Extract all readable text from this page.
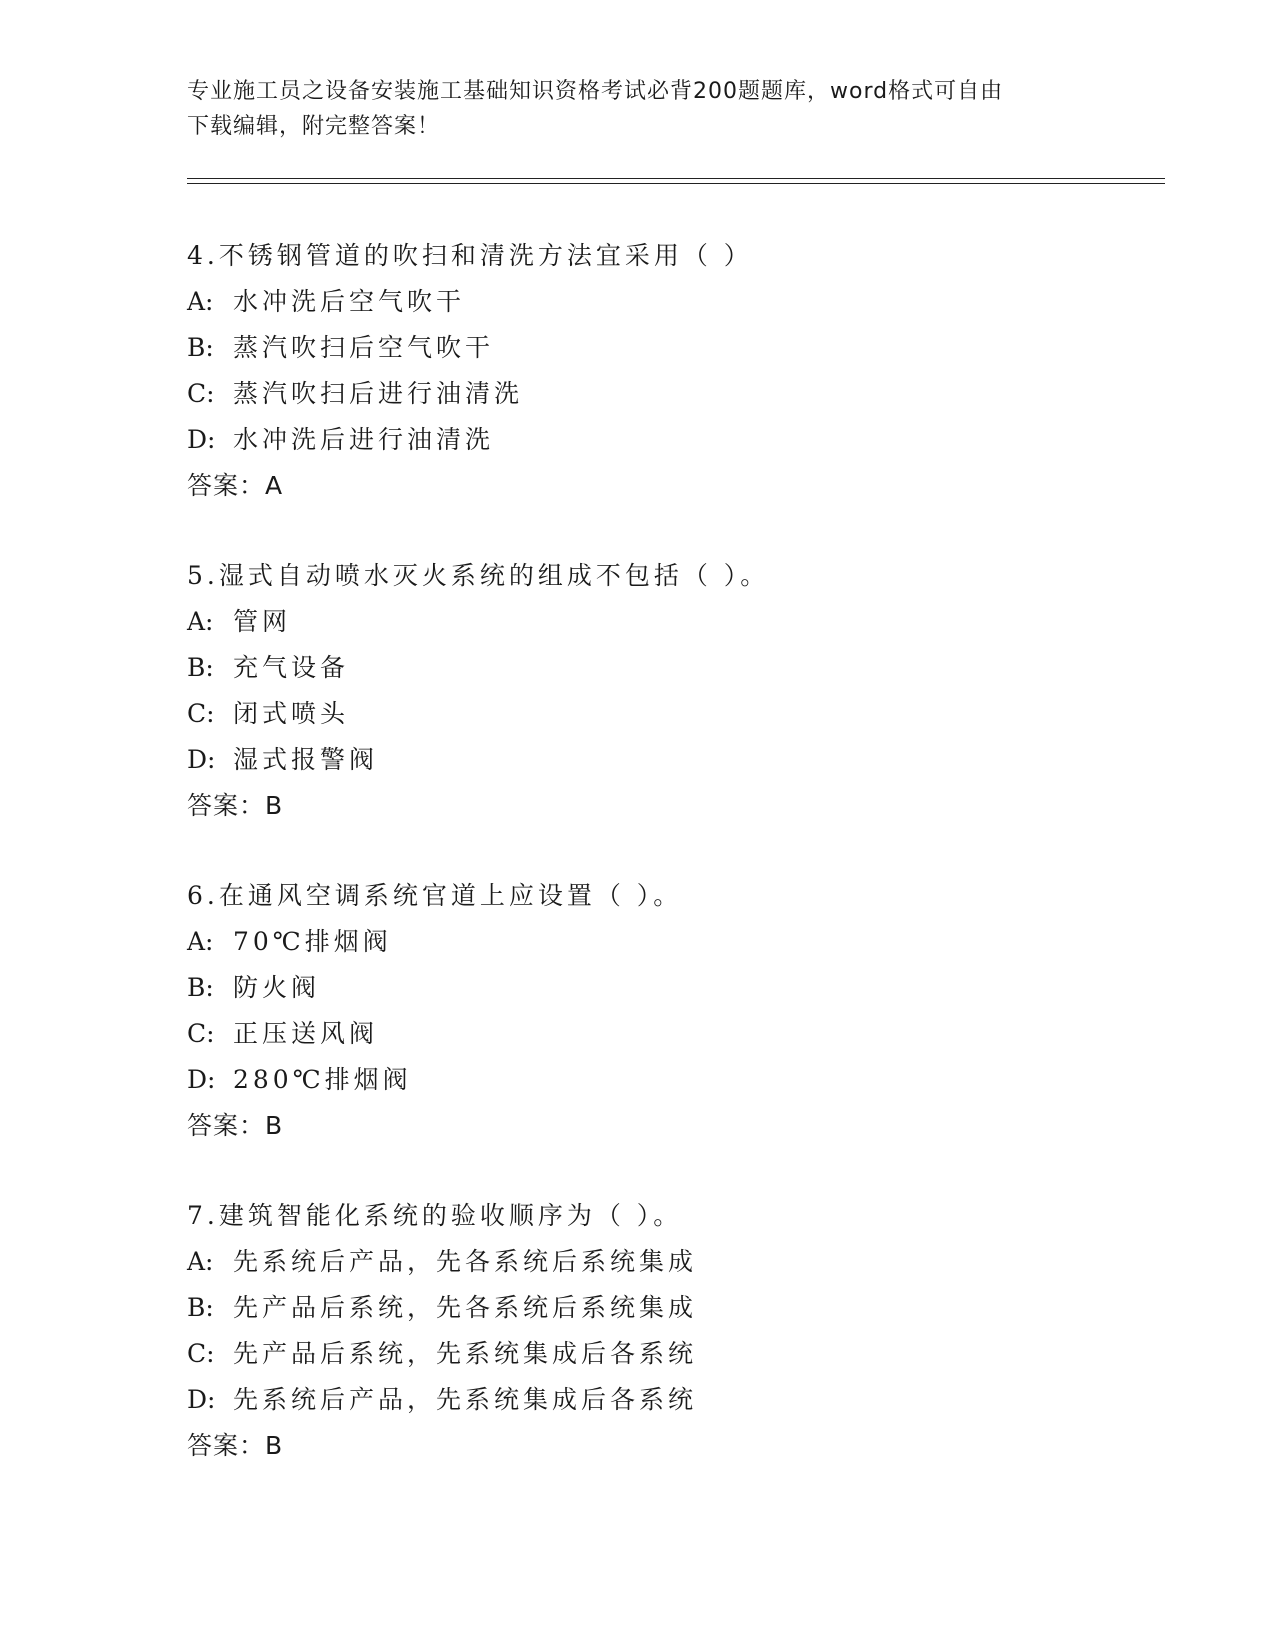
专业施工员之设备安装施工基础知识资格考试必背200题题库，word格式可自由
下载编辑，附完整答案！
4.不锈钢管道的吹扫和清洗方法宜采用（ ）
A: 水冲洗后空气吹干
B: 蒸汽吹扫后空气吹干
C: 蒸汽吹扫后进行油清洗
D: 水冲洗后进行油清洗
答案：A
5.湿式自动喷水灭火系统的组成不包括（ ）。
A: 管网
B: 充气设备
C: 闭式喷头
D: 湿式报警阀
答案：B
6.在通风空调系统官道上应设置（ ）。
A: 70℃排烟阀
B: 防火阀
C: 正压送风阀
D: 280℃排烟阀
答案：B
7.建筑智能化系统的验收顺序为（ ）。
A: 先系统后产品，先各系统后系统集成
B: 先产品后系统，先各系统后系统集成
C: 先产品后系统，先系统集成后各系统
D: 先系统后产品，先系统集成后各系统
答案：B
